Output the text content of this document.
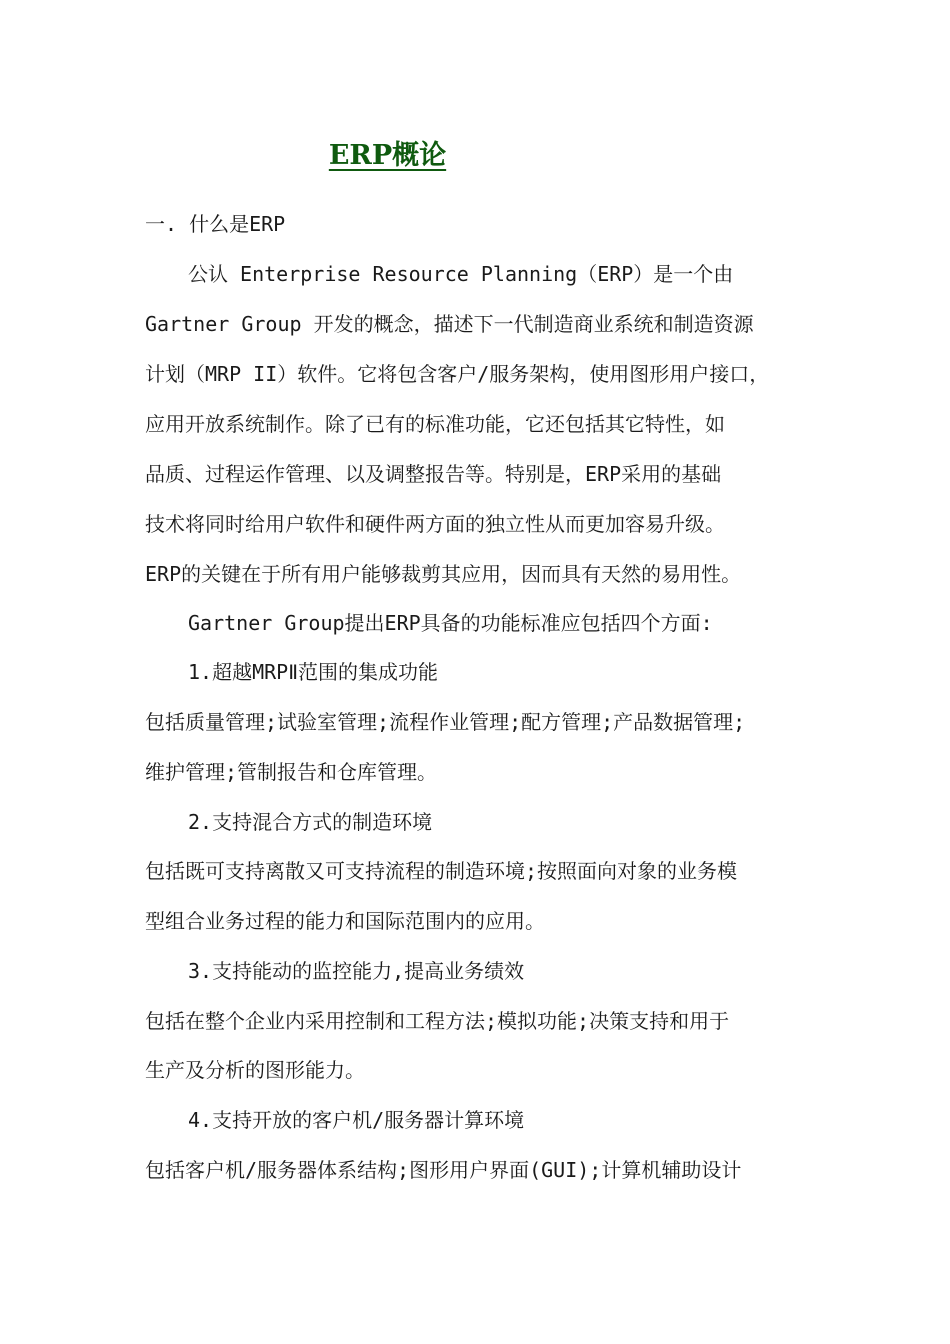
ERP概论
一. 什么是ERP
公认 Enterprise Resource Planning（ERP）是一个由
Gartner Group 开发的概念，描述下一代制造商业系统和制造资源
计划（MRP II）软件。它将包含客户/服务架构，使用图形用户接口，
应用开放系统制作。除了已有的标准功能，它还包括其它特性，如
品质、过程运作管理、以及调整报告等。特别是，ERP采用的基础
技术将同时给用户软件和硬件两方面的独立性从而更加容易升级。
ERP的关键在于所有用户能够裁剪其应用，因而具有天然的易用性。
Gartner Group提出ERP具备的功能标准应包括四个方面:
1.超越MRPⅡ范围的集成功能
包括质量管理;试验室管理;流程作业管理;配方管理;产品数据管理;
维护管理;管制报告和仓库管理。
2.支持混合方式的制造环境
包括既可支持离散又可支持流程的制造环境;按照面向对象的业务模
型组合业务过程的能力和国际范围内的应用。
3.支持能动的监控能力,提高业务绩效
包括在整个企业内采用控制和工程方法;模拟功能;决策支持和用于
生产及分析的图形能力。
4.支持开放的客户机/服务器计算环境
包括客户机/服务器体系结构;图形用户界面(GUI);计算机辅助设计
